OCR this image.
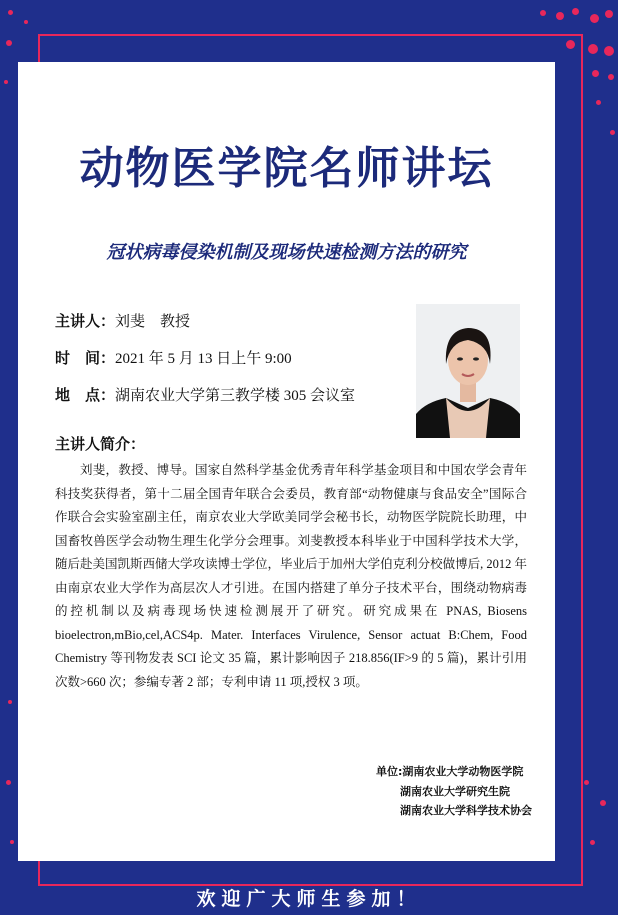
动物医学院名师讲坛
冠状病毒侵染机制及现场快速检测方法的研究
主讲人：刘斐　教授
时　间：2021 年 5 月 13 日上午 9:00
地　点：湖南农业大学第三教学楼 305 会议室
主讲人简介：
刘斐，教授、博导。国家自然科学基金优秀青年科学基金项目和中国农学会青年科技奖获得者，第十二届全国青年联合会委员，教育部“动物健康与食品安全”国际合作联合会实验室副主任，南京农业大学欧美同学会秘书长，动物医学院院长助理，中国畜牧兽医学会动物生理生化学分会理事。刘斐教授本科毕业于中国科学技术大学，随后赴美国凯斯西储大学攻读博士学位，毕业后于加州大学伯克利分校做博后, 2012 年由南京农业大学作为高层次人才引进。在国内搭建了单分子技术平台，围绕动物病毒的控机制以及病毒现场快速检测展开了研究。研究成果在 PNAS, Biosens bioelectron,mBio,cel,ACS4p. Mater. Interfaces Virulence, Sensor actuat B:Chem, Food Chemistry 等刊物发表 SCI 论文 35 篇，累计影响因子 218.856(IF>9 的 5 篇)，累计引用次数>660 次；参编专著 2 部；专利申请 11 项,授权 3 项。
单位:湖南农业大学动物医学院
湖南农业大学研究生院
湖南农业大学科学技术协会
欢迎广大师生参加！
